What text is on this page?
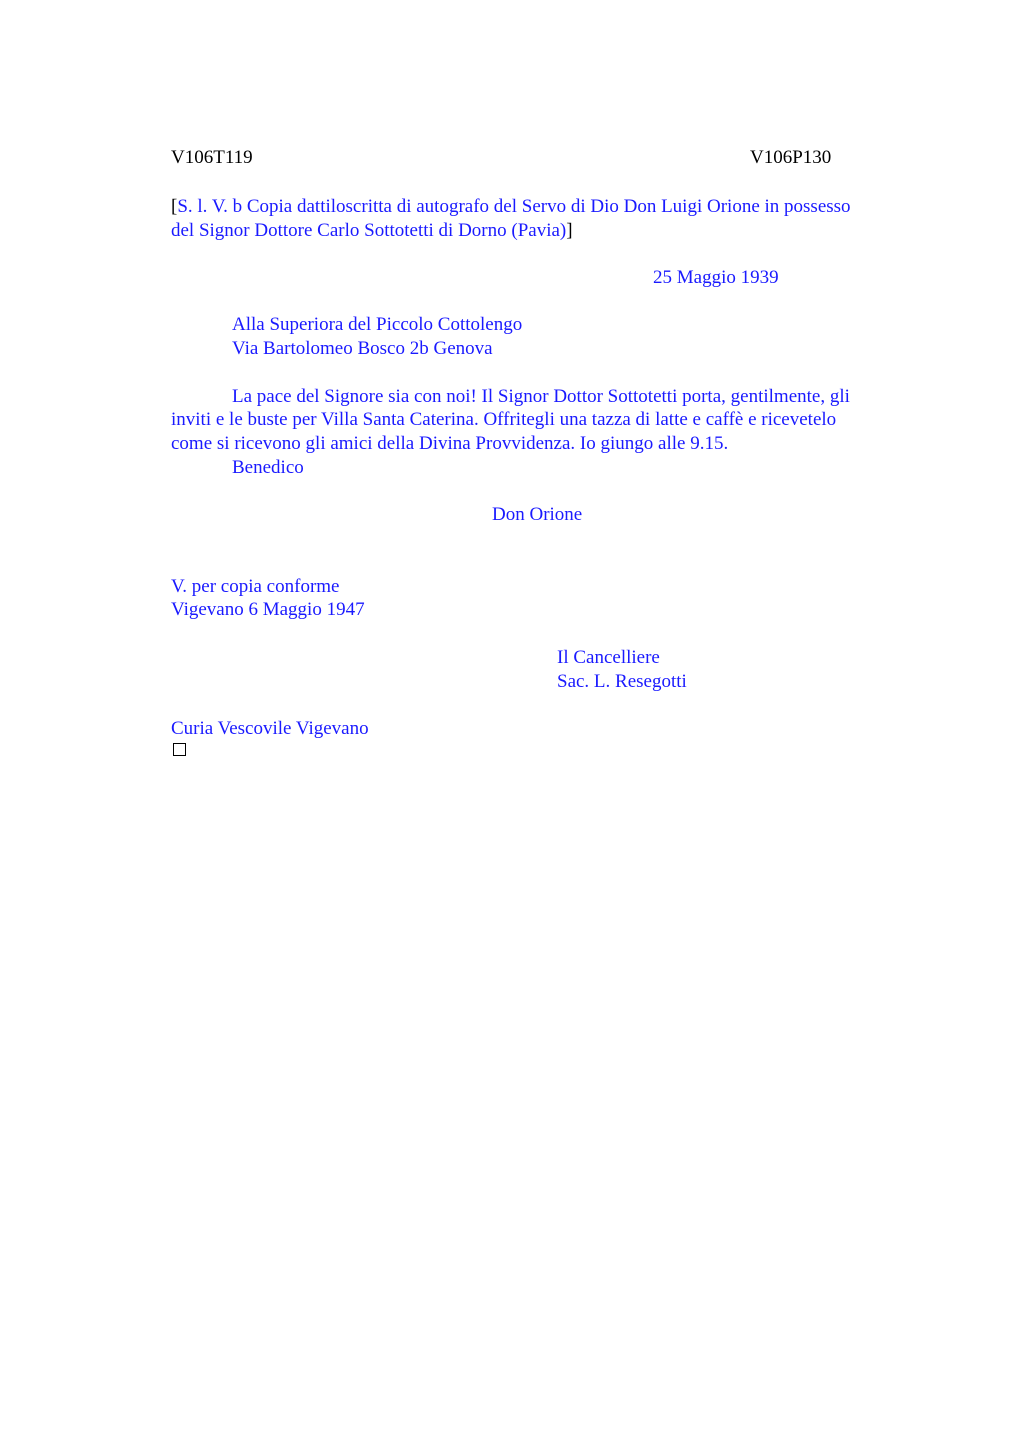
V106T119	V106P130
[S. l. V. b Copia dattiloscritta di autografo del Servo di Dio Don Luigi Orione in possesso
del Signor Dottore Carlo Sottotetti di Dorno (Pavia)]
25 Maggio 1939
Alla Superiora del Piccolo Cottolengo
Via Bartolomeo Bosco 2b Genova
La pace del Signore sia con noi! Il Signor Dottor Sottotetti porta, gentilmente, gli
inviti e le buste per Villa Santa Caterina. Offritegli una tazza di latte e caffè e ricevetelo
come si ricevono gli amici della Divina Provvidenza. Io giungo alle 9.15.
Benedico
Don Orione
V. per copia conforme
Vigevano 6 Maggio 1947
Il Cancelliere
Sac. L. Resegotti
Curia Vescovile Vigevano
